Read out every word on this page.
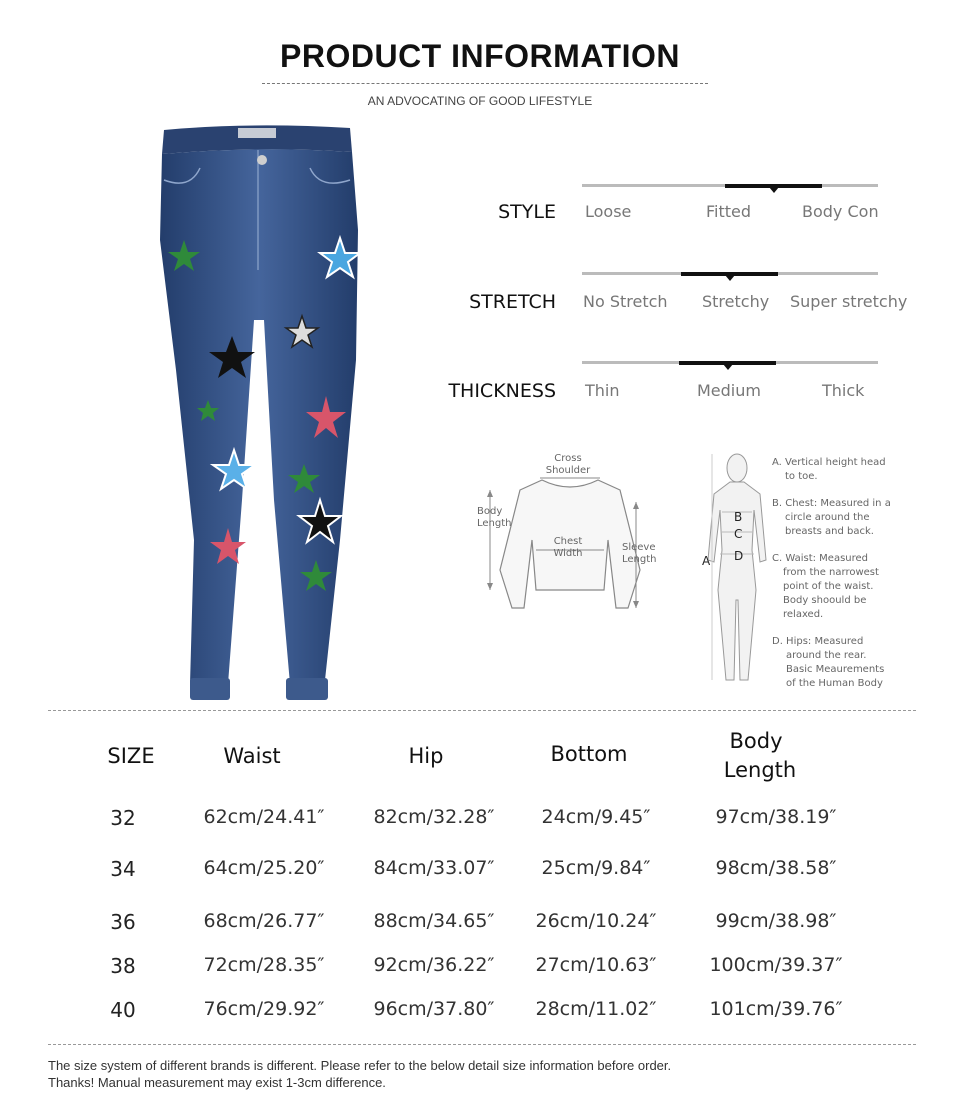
PRODUCT INFORMATION
AN ADVOCATING OF GOOD LIFESTYLE
STYLE Loose	Fitted	Body Con
STRETCH No Stretch Stretchy Super stretchy
THICKNESS Thin	Medium	Thick
Cross
Shoulder
Body
Length
Chest
Width
Sleeve
Length	A
B
C
D
A. Vertical height head
to toe.
B. Chest: Measured in a
circle around the
breasts and back.
C. Waist: Measured
from the narrowest
point of the waist.
Body shoould be
relaxed.
D. Hips: Measured
around the rear.
Basic Meaurements
of the Human Body
SIZE	Waist	Hip	Bottom
Body
Length
32	62cm/24.41″	82cm/32.28″	24cm/9.45″	97cm/38.19″
34	64cm/25.20″	84cm/33.07″	25cm/9.84″	98cm/38.58″
36	68cm/26.77″	88cm/34.65″	26cm/10.24″	99cm/38.98″
38	72cm/28.35″	92cm/36.22″	27cm/10.63″	100cm/39.37″
40	76cm/29.92″	96cm/37.80″	28cm/11.02″	101cm/39.76″
The size system of different brands is different. Please refer to the below detail size information before order.
Thanks! Manual measurement may exist 1-3cm difference.
